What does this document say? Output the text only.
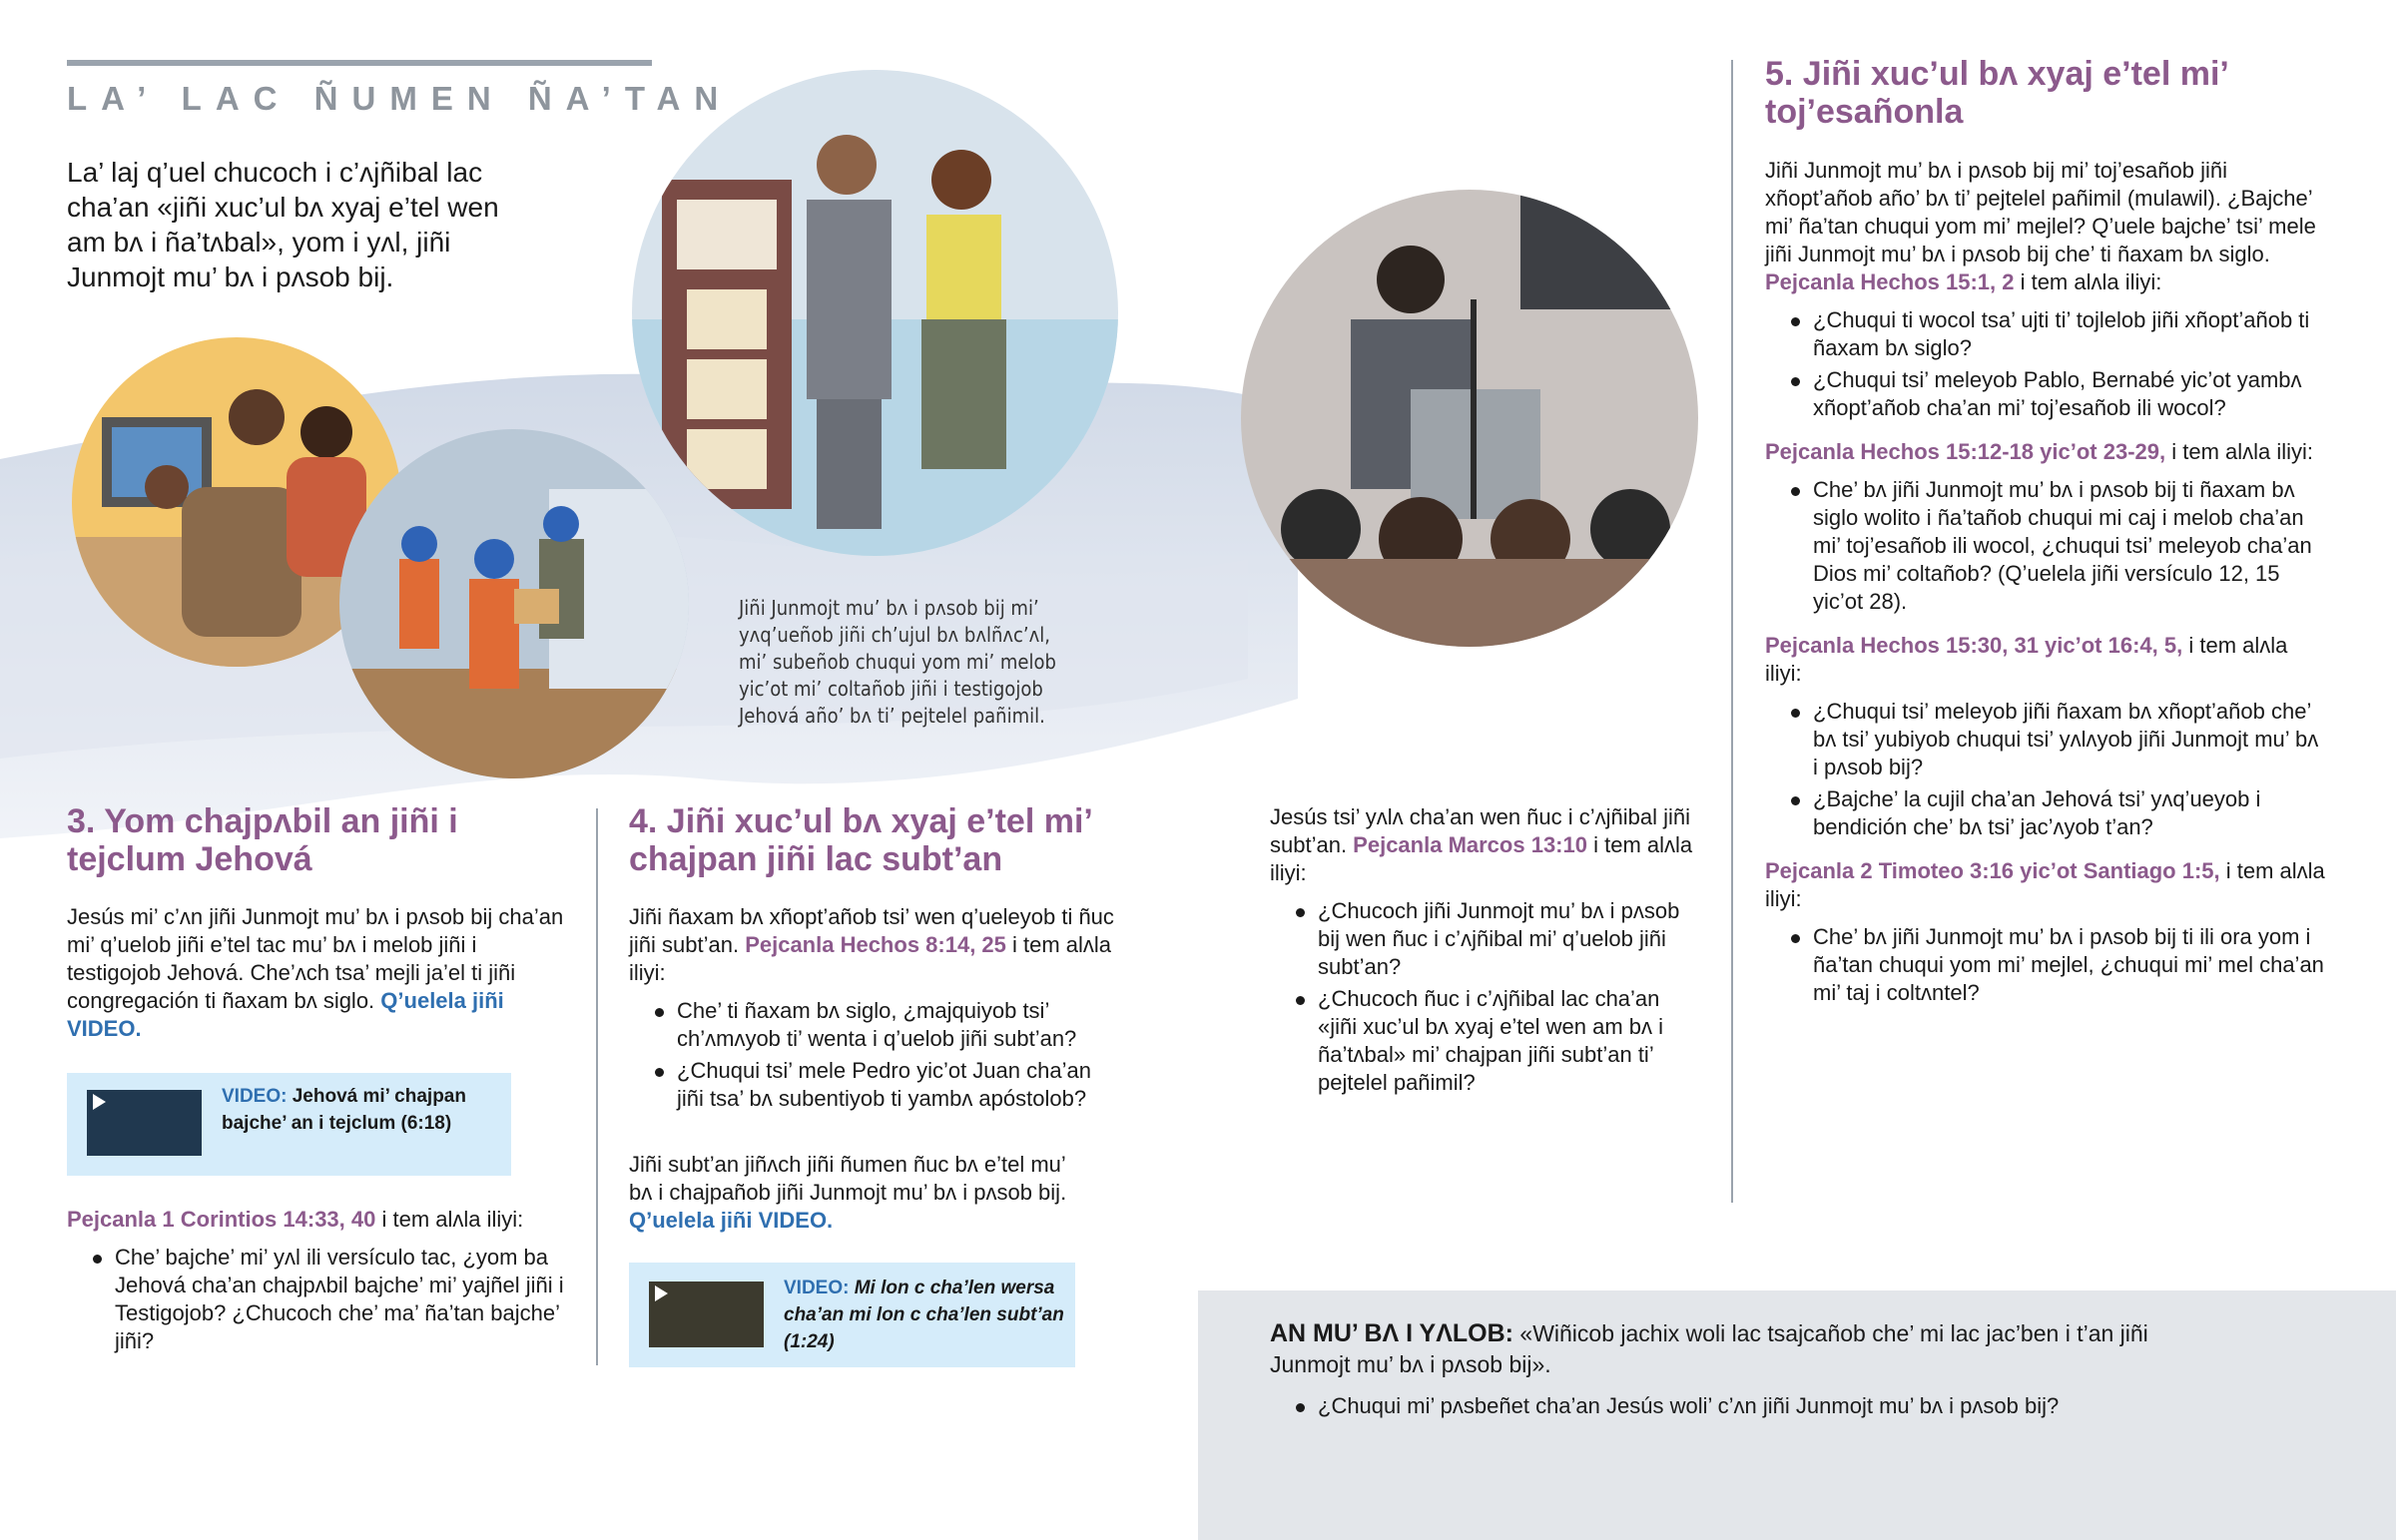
LA’ LAC ÑUMEN ÑA’TAN
La’ laj q’uel chucoch i c’ʌjñibal lac cha’an «jiñi xuc’ul bʌ xyaj e’tel wen am bʌ i ña’tʌbal», yom i yʌl, jiñi Junmojt mu’ bʌ i pʌsob bij.
Jiñi Junmojt mu’ bʌ i pʌsob bij mi’ yʌq’ueñob jiñi ch’ujul bʌ bʌlñʌc’ʌl, mi’ subeñob chuqui yom mi’ melob yic’ot mi’ coltañob jiñi i testigojob Jehová año’ bʌ ti’ pejtelel pañimil.
3. Yom chajpʌbil an jiñi i tejclum Jehová
Jesús mi’ c’ʌn jiñi Junmojt mu’ bʌ i pʌsob bij cha’an mi’ q’uelob jiñi e’tel tac mu’ bʌ i melob jiñi i testigojob Jehová. Che’ʌch tsa’ mejli ja’el ti jiñi congregación ti ñaxam bʌ siglo. Q’uelela jiñi VIDEO.
VIDEO: Jehová mi’ chajpan bajche’ an i tejclum (6:18)
Pejcanla 1 Corintios 14:33, 40 i tem alʌla iliyi:
Che’ bajche’ mi’ yʌl ili versículo tac, ¿yom ba Jehová cha’an chajpʌbil bajche’ mi’ yajñel jiñi i Testigojob? ¿Chucoch che’ ma’ ña’tan bajche’ jiñi?
4. Jiñi xuc’ul bʌ xyaj e’tel mi’ chajpan jiñi lac subt’an
Jiñi ñaxam bʌ xñopt’añob tsi’ wen q’ueleyob ti ñuc jiñi subt’an. Pejcanla Hechos 8:14, 25 i tem alʌla iliyi:
Che’ ti ñaxam bʌ siglo, ¿majquiyob tsi’ ch’ʌmʌyob ti’ wenta i q’uelob jiñi subt’an?
¿Chuqui tsi’ mele Pedro yic’ot Juan cha’an jiñi tsa’ bʌ subentiyob ti yambʌ apóstolob?
Jiñi subt’an jiñʌch jiñi ñumen ñuc bʌ e’tel mu’ bʌ i chajpañob jiñi Junmojt mu’ bʌ i pʌsob bij. Q’uelela jiñi VIDEO.
VIDEO: Mi lon c cha’len wersa cha’an mi lon c cha’len subt’an (1:24)
Jesús tsi’ yʌlʌ cha’an wen ñuc i c’ʌjñibal jiñi subt’an. Pejcanla Marcos 13:10 i tem alʌla iliyi:
¿Chucoch jiñi Junmojt mu’ bʌ i pʌsob bij wen ñuc i c’ʌjñibal mi’ q’uelob jiñi subt’an?
¿Chucoch ñuc i c’ʌjñibal lac cha’an «jiñi xuc’ul bʌ xyaj e’tel wen am bʌ i ña’tʌbal» mi’ chajpan jiñi subt’an ti’ pejtelel pañimil?
5. Jiñi xuc’ul bʌ xyaj e’tel mi’ toj’esañonla
Jiñi Junmojt mu’ bʌ i pʌsob bij mi’ toj’esañob jiñi xñopt’añob año’ bʌ ti’ pejtelel pañimil (mulawil). ¿Bajche’ mi’ ña’tan chuqui yom mi’ mejlel? Q’uele bajche’ tsi’ mele jiñi Junmojt mu’ bʌ i pʌsob bij che’ ti ñaxam bʌ siglo. Pejcanla Hechos 15:1, 2 i tem alʌla iliyi:
¿Chuqui ti wocol tsa’ ujti ti’ tojlelob jiñi xñopt’añob ti ñaxam bʌ siglo?
¿Chuqui tsi’ meleyob Pablo, Bernabé yic’ot yambʌ xñopt’añob cha’an mi’ toj’esañob ili wocol?
Pejcanla Hechos 15:12-18 yic’ot 23-29, i tem alʌla iliyi:
Che’ bʌ jiñi Junmojt mu’ bʌ i pʌsob bij ti ñaxam bʌ siglo wolito i ña’tañob chuqui mi caj i melob cha’an mi’ toj’esañob ili wocol, ¿chuqui tsi’ meleyob cha’an Dios mi’ coltañob? (Q’uelela jiñi versículo 12, 15 yic’ot 28).
Pejcanla Hechos 15:30, 31 yic’ot 16:4, 5, i tem alʌla iliyi:
¿Chuqui tsi’ meleyob jiñi ñaxam bʌ xñopt’añob che’ bʌ tsi’ yubiyob chuqui tsi’ yʌlʌyob jiñi Junmojt mu’ bʌ i pʌsob bij?
¿Bajche’ la cujil cha’an Jehová tsi’ yʌq’ueyob i bendición che’ bʌ tsi’ jac’ʌyob t’an?
Pejcanla 2 Timoteo 3:16 yic’ot Santiago 1:5, i tem alʌla iliyi:
Che’ bʌ jiñi Junmojt mu’ bʌ i pʌsob bij ti ili ora yom i ña’tan chuqui yom mi’ mejlel, ¿chuqui mi’ mel cha’an mi’ taj i coltʌntel?
AN MU’ BɅ I YɅLOB: «Wiñicob jachix woli lac tsajcañob che’ mi lac jac’ben i t’an jiñi Junmojt mu’ bʌ i pʌsob bij».
¿Chuqui mi’ pʌsbeñet cha’an Jesús woli’ c’ʌn jiñi Junmojt mu’ bʌ i pʌsob bij?
